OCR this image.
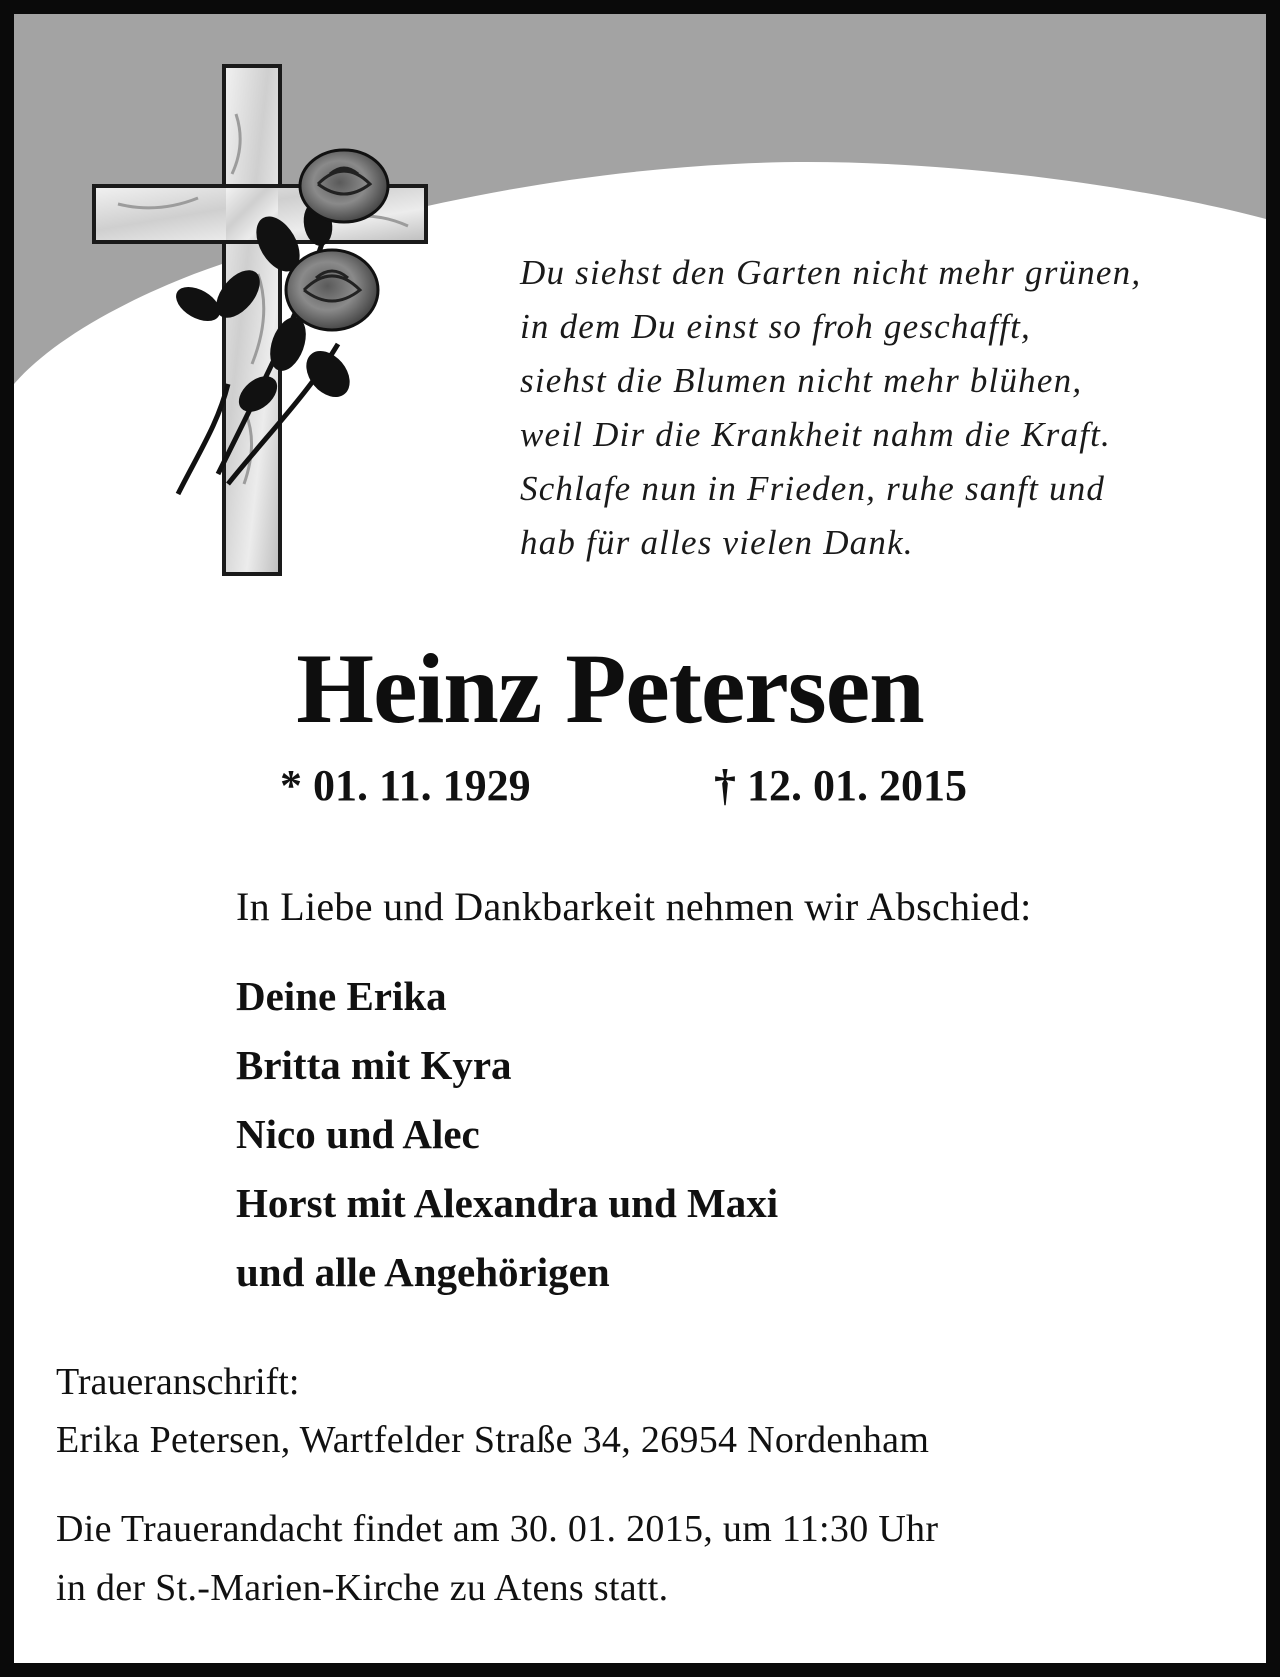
Du siehst den Garten nicht mehr grünen,
in dem Du einst so froh geschafft,
siehst die Blumen nicht mehr blühen,
weil Dir die Krankheit nahm die Kraft.
Schlafe nun in Frieden, ruhe sanft und
hab für alles vielen Dank.
Heinz Petersen
* 01. 11. 1929	† 12. 01. 2015
In Liebe und Dankbarkeit nehmen wir Abschied:
Deine Erika
Britta mit Kyra
Nico und Alec
Horst mit Alexandra und Maxi
und alle Angehörigen
Traueranschrift:
Erika Petersen, Wartfelder Straße 34, 26954 Nordenham
Die Trauerandacht findet am 30. 01. 2015, um 11:30 Uhr
in der St.-Marien-Kirche zu Atens statt.
